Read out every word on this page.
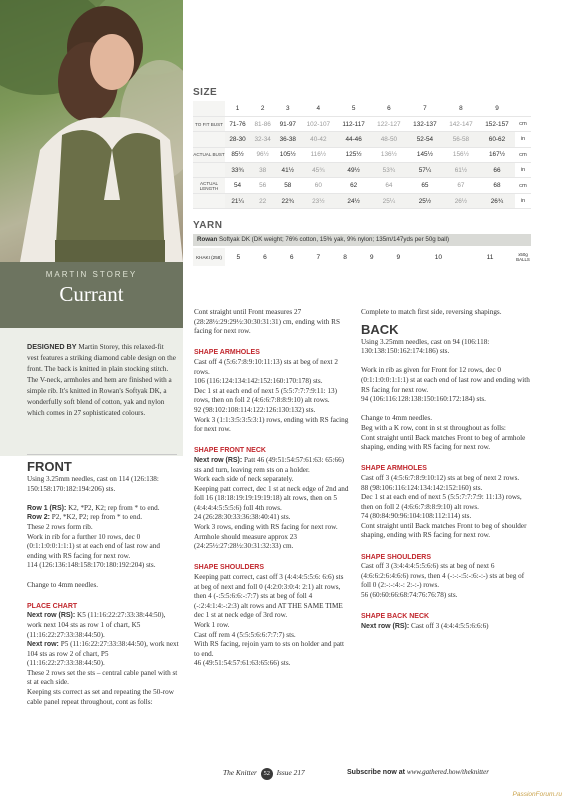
MARTIN STOREY
Currant
DESIGNED BY Martin Storey, this relaxed-fit vest features a striking diamond cable design on the front. The back is knitted in plain stocking stitch. The V-neck, armholes and hem are finished with a simple rib. It's knitted in Rowan's Softyak DK, a wonderfully soft blend of cotton, yak and nylon which comes in 27 sophisticated colours.
SIZE
	1	2	3	4	5	6	7	8	9	
TO FIT BUST	71-76	81-86	91-97	102-107	112-117	122-127	132-137	142-147	152-157	cm
	28-30	32-34	36-38	40-42	44-46	48-50	52-54	56-58	60-62	in
ACTUAL BUST	85½	96½	105½	116½	125½	136½	145½	156½	167½	cm
	33¾	38	41½	45¾	49½	53¾	57¼	61½	66	in
ACTUAL LENGTH	54	56	58	60	62	64	65	67	68	cm
	21¼	22	22¾	23½	24½	25¼	25½	26½	26¾	in
YARN
Rowan Softyak DK (DK weight; 76% cotton, 15% yak, 9% nylon; 135m/147yds per 50g ball)
KHAKI (258)	5	6	6	7	8	9	9	10	11	x50g BALLS

FRONT

Using 3.25mm needles, cast on 114 (126:138: 150:158:170:182:194:206) sts.

Row 1 (RS): K2, *P2, K2; rep from * to end.

Row 2: P2, *K2, P2; rep from * to end.

These 2 rows form rib.

Work in rib for a further 10 rows, dec 0 (0:1:1:0:0:1:1:1) st at each end of last row and ending with RS facing for next row.

114 (126:136:148:158:170:180:192:204) sts.

Change to 4mm needles.

PLACE CHART

Next row (RS): K5 (11:16:22:27:33:38:44:50), work next 104 sts as row 1 of chart, K5 (11:16:22:27:33:38:44:50).

Next row: P5 (11:16:22:27:33:38:44:50), work next 104 sts as row 2 of chart, P5 (11:16:22:27:33:38:44:50).

These 2 rows set the sts – central cable panel with st st at each side.

Keeping sts correct as set and repeating the 50-row cable panel repeat throughout, cont as folls:

Cont straight until Front measures 27 (28:28½:29:29½:30:30:31:31) cm, ending with RS facing for next row.

SHAPE ARMHOLES

Cast off 4 (5:6:7:8:9:10:11:13) sts at beg of next 2 rows.

106 (116:124:134:142:152:160:170:178) sts.

Dec 1 st at each end of next 5 (5:5:7:7:7:9:11: 13) rows, then on foll 2 (4:6:6:7:8:8:9:10) alt rows.

92 (98:102:108:114:122:126:130:132) sts.

Work 3 (1:1:3:5:3:5:3:1) rows, ending with RS facing for next row.

SHAPE FRONT NECK

Next row (RS): Patt 46 (49:51:54:57:61:63: 65:66) sts and turn, leaving rem sts on a holder.

Work each side of neck separately.

Keeping patt correct, dec 1 st at neck edge of 2nd and foll 16 (18:18:19:19:19:19:18) alt rows, then on 5 (4:4:4:4:5:5:5:6) foll 4th rows.

24 (26:28:30:33:36:38:40:41) sts.

Work 3 rows, ending with RS facing for next row. Armhole should measure approx 23 (24:25½:27:28½:30:31:32:33) cm.

SHAPE SHOULDERS

Keeping patt correct, cast off 3 (4:4:4:5:5:6: 6:6) sts at beg of next and foll 0 (4:2:0:3:0:4: 2:1) alt rows, then 4 (-:5:5:6:6:-:7:7) sts at beg of foll 4 (-:2:4:1:4:-:2:3) alt rows and AT THE SAME TIME dec 1 st at neck edge of 3rd row.

Work 1 row.

Cast off rem 4 (5:5:5:6:6:7:7:7) sts.

With RS facing, rejoin yarn to sts on holder and patt to end.

46 (49:51:54:57:61:63:65:66) sts.

Complete to match first side, reversing shapings.

BACK

Using 3.25mm needles, cast on 94 (106:118: 130:138:150:162:174:186) sts.

Work in rib as given for Front for 12 rows, dec 0 (0:1:1:0:0:1:1:1) st at each end of last row and ending with RS facing for next row.

94 (106:116:128:138:150:160:172:184) sts.

Change to 4mm needles.

Beg with a K row, cont in st st throughout as folls:

Cont straight until Back matches Front to beg of armhole shaping, ending with RS facing for next row.

SHAPE ARMHOLES

Cast off 3 (4:5:6:7:8:9:10:12) sts at beg of next 2 rows.

88 (98:106:116:124:134:142:152:160) sts.

Dec 1 st at each end of next 5 (5:5:7:7:7:9: 11:13) rows, then on foll 2 (4:6:6:7:8:8:9:10) alt rows.

74 (80:84:90:96:104:108:112:114) sts.

Cont straight until Back matches Front to beg of shoulder shaping, ending with RS facing for next row.

SHAPE SHOULDERS

Cast off 3 (3:4:4:4:5:5:6:6) sts at beg of next 6 (4:6:6:2:6:4:6:6) rows, then 4 (-:-:-:5:-:6:-:-) sts at beg of foll 0 (2:-:-:4:-: 2:-:-) rows.

56 (60:60:66:68:74:76:76:78) sts.

SHAPE BACK NECK

Next row (RS): Cast off 3 (4:4:4:5:5:6:6:6)

The Knitter 52 Issue 217	Subscribe now at www.gathered.how/theknitter
PassionForum.ru
